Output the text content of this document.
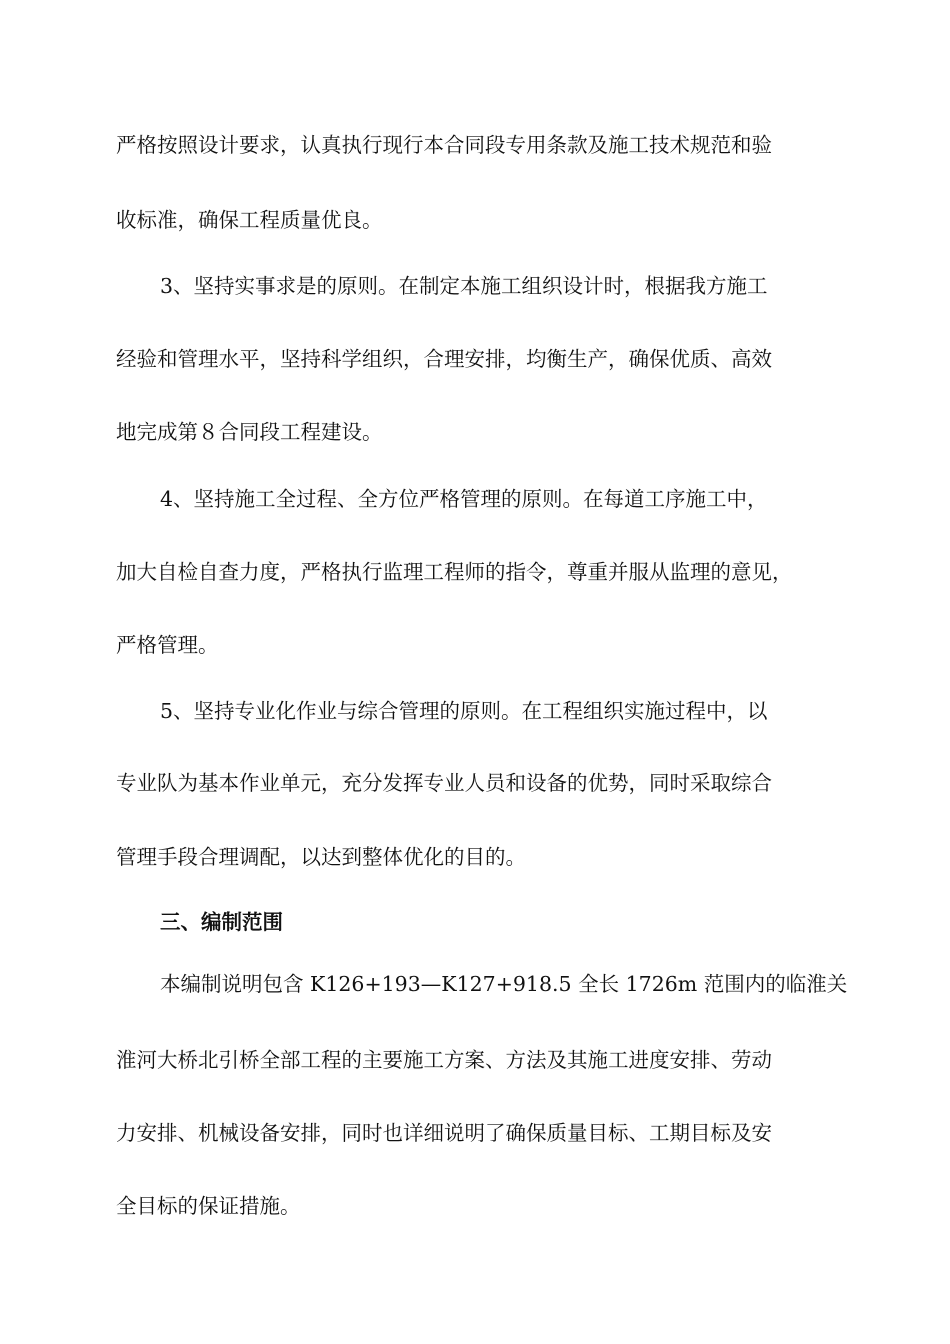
严格按照设计要求，认真执行现行本合同段专用条款及施工技术规范和验
收标准，确保工程质量优良。
3、坚持实事求是的原则。在制定本施工组织设计时，根据我方施工
经验和管理水平，坚持科学组织，合理安排，均衡生产，确保优质、高效
地完成第８合同段工程建设。
4、坚持施工全过程、全方位严格管理的原则。在每道工序施工中，
加大自检自查力度，严格执行监理工程师的指令，尊重并服从监理的意见，
严格管理。
5、坚持专业化作业与综合管理的原则。在工程组织实施过程中，以
专业队为基本作业单元，充分发挥专业人员和设备的优势，同时采取综合
管理手段合理调配，以达到整体优化的目的。
三、编制范围
本编制说明包含 K126+193—K127+918.5 全长 1726m 范围内的临淮关
淮河大桥北引桥全部工程的主要施工方案、方法及其施工进度安排、劳动
力安排、机械设备安排，同时也详细说明了确保质量目标、工期目标及安
全目标的保证措施。
